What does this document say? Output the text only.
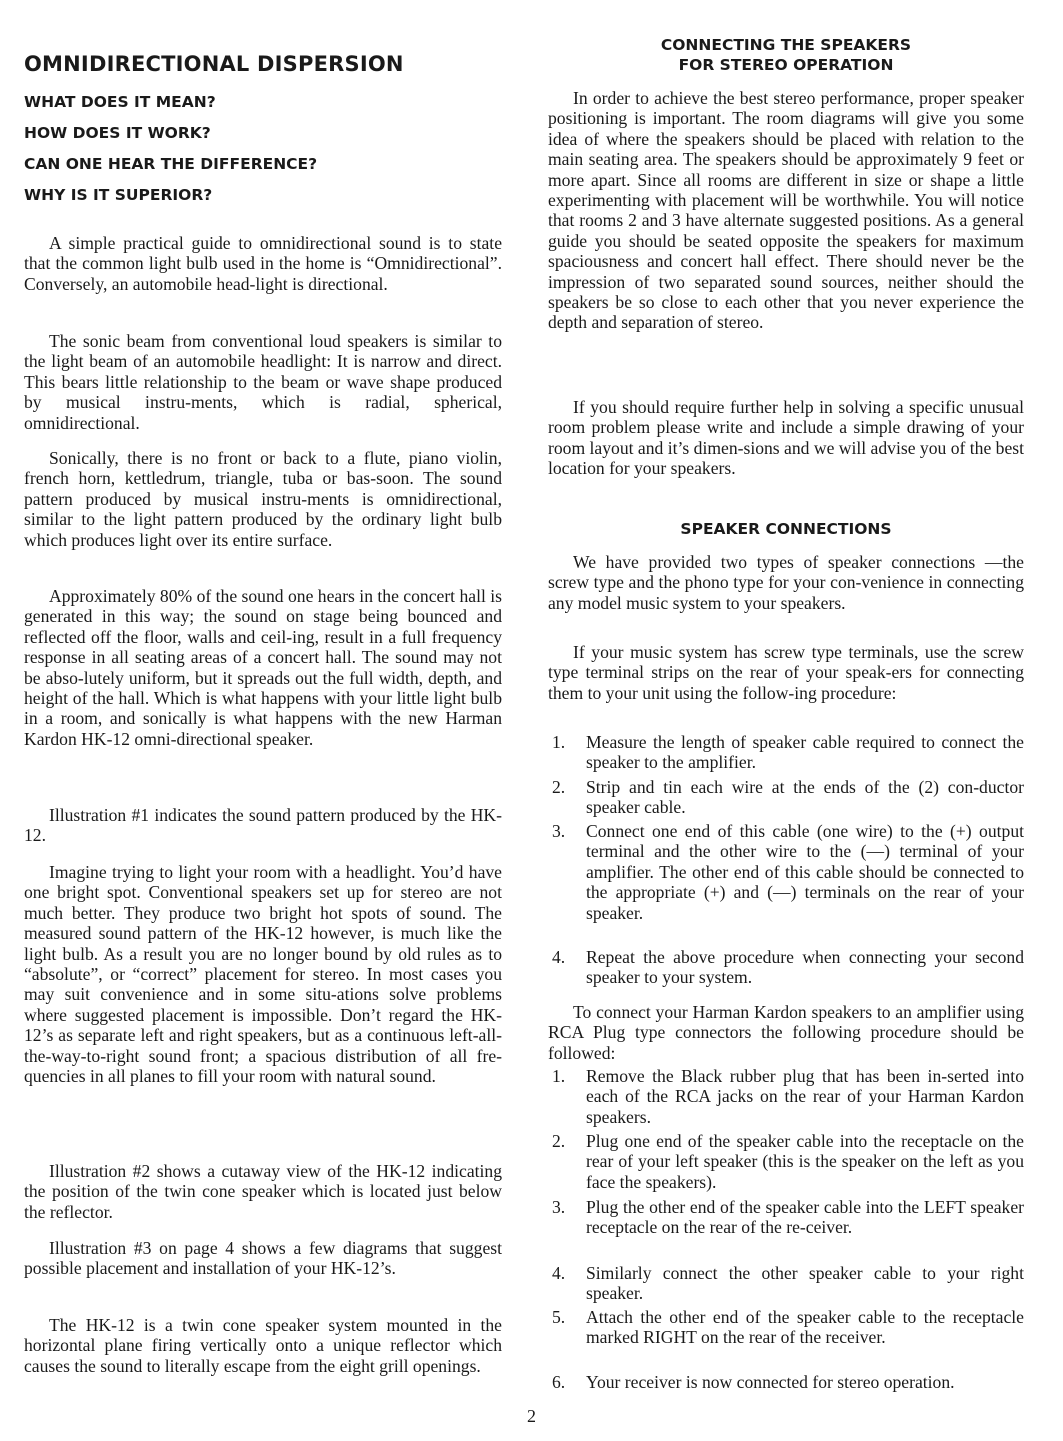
OMNIDIRECTIONAL DISPERSION
WHAT DOES IT MEAN?
HOW DOES IT WORK?
CAN ONE HEAR THE DIFFERENCE?
WHY IS IT SUPERIOR?

A simple practical guide to omnidirectional sound is to state that the common light bulb used in the home is “Omnidirectional”. Conversely, an automobile head-light is directional.

The sonic beam from conventional loud speakers is similar to the light beam of an automobile headlight: It is narrow and direct. This bears little relationship to the beam or wave shape produced by musical instru-ments, which is radial, spherical, omnidirectional.

Sonically, there is no front or back to a flute, piano violin, french horn, kettledrum, triangle, tuba or bas-soon. The sound pattern produced by musical instru-ments is omnidirectional, similar to the light pattern produced by the ordinary light bulb which produces light over its entire surface.

Approximately 80% of the sound one hears in the concert hall is generated in this way; the sound on stage being bounced and reflected off the floor, walls and ceil-ing, result in a full frequency response in all seating areas of a concert hall. The sound may not be abso-lutely uniform, but it spreads out the full width, depth, and height of the hall. Which is what happens with your little light bulb in a room, and sonically is what happens with the new Harman Kardon HK-12 omni-directional speaker.

Illustration #1 indicates the sound pattern produced by the HK-12.

Imagine trying to light your room with a headlight. You’d have one bright spot. Conventional speakers set up for stereo are not much better. They produce two bright hot spots of sound. The measured sound pattern of the HK-12 however, is much like the light bulb. As a result you are no longer bound by old rules as to “absolute”, or “correct” placement for stereo. In most cases you may suit convenience and in some situ-ations solve problems where suggested placement is impossible. Don’t regard the HK-12’s as separate left and right speakers, but as a continuous left-all-the-way-to-right sound front; a spacious distribution of all fre-quencies in all planes to fill your room with natural sound.

Illustration #2 shows a cutaway view of the HK-12 indicating the position of the twin cone speaker which is located just below the reflector.

Illustration #3 on page 4 shows a few diagrams that suggest possible placement and installation of your HK-12’s.

The HK-12 is a twin cone speaker system mounted in the horizontal plane firing vertically onto a unique reflector which causes the sound to literally escape from the eight grill openings.

CONNECTING THE SPEAKERS
FOR STEREO OPERATION

In order to achieve the best stereo performance, proper speaker positioning is important. The room diagrams will give you some idea of where the speakers should be placed with relation to the main seating area. The speakers should be approximately 9 feet or more apart. Since all rooms are different in size or shape a little experimenting with placement will be worthwhile. You will notice that rooms 2 and 3 have alternate suggested positions. As a general guide you should be seated opposite the speakers for maximum spaciousness and concert hall effect. There should never be the impression of two separated sound sources, neither should the speakers be so close to each other that you never experience the depth and separation of stereo.

If you should require further help in solving a specific unusual room problem please write and include a simple drawing of your room layout and it’s dimen-sions and we will advise you of the best location for your speakers.

SPEAKER CONNECTIONS

We have provided two types of speaker connections —the screw type and the phono type for your con-venience in connecting any model music system to your speakers.

If your music system has screw type terminals, use the screw type terminal strips on the rear of your speak-ers for connecting them to your unit using the follow-ing procedure:

1.	Measure the length of speaker cable required to connect the speaker to the amplifier.
2.	Strip and tin each wire at the ends of the (2) con-ductor speaker cable.
3.	Connect one end of this cable (one wire) to the (+) output terminal and the other wire to the (—) terminal of your amplifier. The other end of this cable should be connected to the appropriate (+) and (—) terminals on the rear of your speaker.
4.	Repeat the above procedure when connecting your second speaker to your system.

To connect your Harman Kardon speakers to an amplifier using RCA Plug type connectors the following procedure should be followed:

1.	Remove the Black rubber plug that has been in-serted into each of the RCA jacks on the rear of your Harman Kardon speakers.
2.	Plug one end of the speaker cable into the receptacle on the rear of your left speaker (this is the speaker on the left as you face the speakers).
3.	Plug the other end of the speaker cable into the LEFT speaker receptacle on the rear of the re-ceiver.
4.	Similarly connect the other speaker cable to your right speaker.
5.	Attach the other end of the speaker cable to the receptacle marked RIGHT on the rear of the receiver.
6.	Your receiver is now connected for stereo operation.
2
